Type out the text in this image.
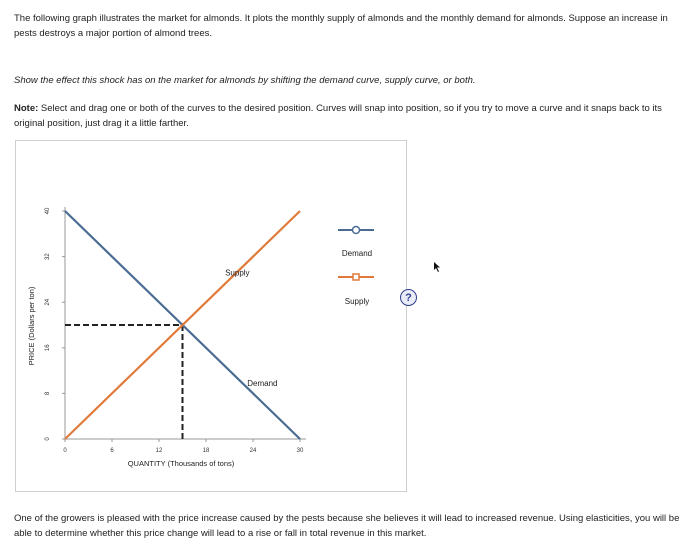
The following graph illustrates the market for almonds. It plots the monthly supply of almonds and the monthly demand for almonds. Suppose an increase in pests destroys a major portion of almond trees.
Show the effect this shock has on the market for almonds by shifting the demand curve, supply curve, or both.
Note: Select and drag one or both of the curves to the desired position. Curves will snap into position, so if you try to move a curve and it snaps back to its original position, just drag it a little farther.
Demand
Supply
0	6	12	18	24	30
0
8
16
24
32
40
QUANTITY (Thousands of tons)
PRICE (Dollars per ton)
Demand
Supply	?
One of the growers is pleased with the price increase caused by the pests because she believes it will lead to increased revenue. Using elasticities, you will be able to determine whether this price change will lead to a rise or fall in total revenue in this market.
